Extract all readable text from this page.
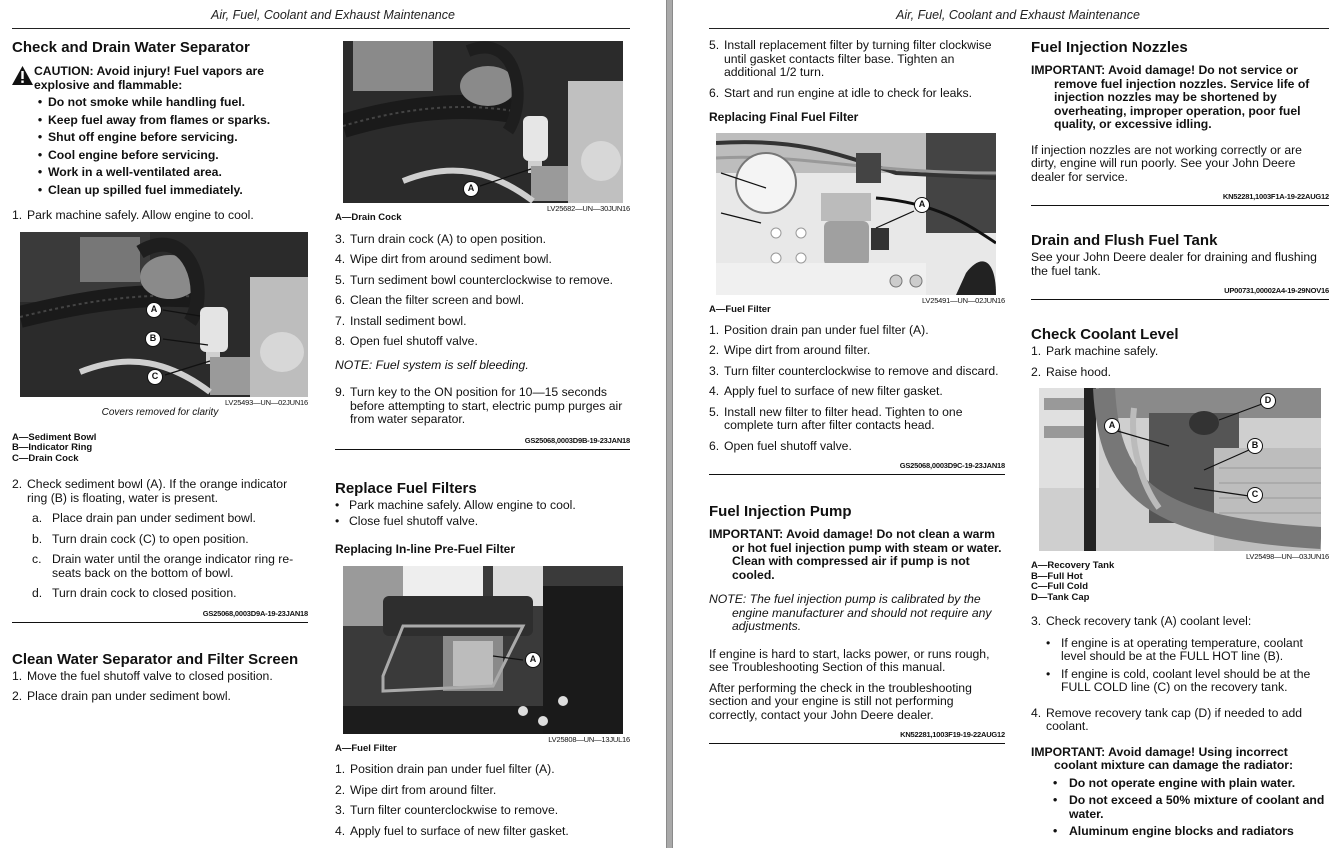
Air, Fuel, Coolant and Exhaust Maintenance
Check and Drain Water Separator
CAUTION: Avoid injury! Fuel vapors are explosive and flammable:
• Do not smoke while handling fuel.
• Keep fuel away from flames or sparks.
• Shut off engine before servicing.
• Cool engine before servicing.
• Work in a well-ventilated area.
• Clean up spilled fuel immediately.
1. Park machine safely. Allow engine to cool.
A
B
C
LV25493—UN—02JUN16
Covers removed for clarity
A—Sediment Bowl
B—Indicator Ring
C—Drain Cock
2. Check sediment bowl (A). If the orange indicator ring (B) is floating, water is present.
a. Place drain pan under sediment bowl.
b. Turn drain cock (C) to open position.
c. Drain water until the orange indicator ring re-seats back on the bottom of bowl.
d. Turn drain cock to closed position.
GS25068,0003D9A-19-23JAN18
Clean Water Separator and Filter Screen
1. Move the fuel shutoff valve to closed position.
2. Place drain pan under sediment bowl.
A
LV25682—UN—30JUN16
A—Drain Cock
3. Turn drain cock (A) to open position.
4. Wipe dirt from around sediment bowl.
5. Turn sediment bowl counterclockwise to remove.
6. Clean the filter screen and bowl.
7. Install sediment bowl.
8. Open fuel shutoff valve.
NOTE: Fuel system is self bleeding.
9. Turn key to the ON position for 10—15 seconds before attempting to start, electric pump purges air from water separator.
GS25068,0003D9B-19-23JAN18
Replace Fuel Filters
• Park machine safely. Allow engine to cool.
• Close fuel shutoff valve.
Replacing In-line Pre-Fuel Filter
A
LV25808—UN—13JUL16
A—Fuel Filter
1. Position drain pan under fuel filter (A).
2. Wipe dirt from around filter.
3. Turn filter counterclockwise to remove.
4. Apply fuel to surface of new filter gasket.
Air, Fuel, Coolant and Exhaust Maintenance
5. Install replacement filter by turning filter clockwise until gasket contacts filter base. Tighten an additional 1/2 turn.
6. Start and run engine at idle to check for leaks.
Replacing Final Fuel Filter
A
LV25491—UN—02JUN16
A—Fuel Filter
1. Position drain pan under fuel filter (A).
2. Wipe dirt from around filter.
3. Turn filter counterclockwise to remove and discard.
4. Apply fuel to surface of new filter gasket.
5. Install new filter to filter head. Tighten to one complete turn after filter contacts head.
6. Open fuel shutoff valve.
GS25068,0003D9C-19-23JAN18
Fuel Injection Pump
IMPORTANT: Avoid damage! Do not clean a warm or hot fuel injection pump with steam or water. Clean with compressed air if pump is not cooled.
NOTE: The fuel injection pump is calibrated by the engine manufacturer and should not require any adjustments.
If engine is hard to start, lacks power, or runs rough, see Troubleshooting Section of this manual.
After performing the check in the troubleshooting section and your engine is still not performing correctly, contact your John Deere dealer.
KN52281,1003F19-19-22AUG12
Fuel Injection Nozzles
IMPORTANT: Avoid damage! Do not service or remove fuel injection nozzles. Service life of injection nozzles may be shortened by overheating, improper operation, poor fuel quality, or excessive idling.
If injection nozzles are not working correctly or are dirty, engine will run poorly. See your John Deere dealer for service.
KN52281,1003F1A-19-22AUG12
Drain and Flush Fuel Tank
See your John Deere dealer for draining and flushing the fuel tank.
UP00731,00002A4-19-29NOV16
Check Coolant Level
1. Park machine safely.
2. Raise hood.
A
B
C
D
LV25498—UN—03JUN16
A—Recovery Tank
B—Full Hot
C—Full Cold
D—Tank Cap
3. Check recovery tank (A) coolant level:
• If engine is at operating temperature, coolant level should be at the FULL HOT line (B).
• If engine is cold, coolant level should be at the FULL COLD line (C) on the recovery tank.
4. Remove recovery tank cap (D) if needed to add coolant.
IMPORTANT: Avoid damage! Using incorrect coolant mixture can damage the radiator:
• Do not operate engine with plain water.
• Do not exceed a 50% mixture of coolant and water.
• Aluminum engine blocks and radiators
